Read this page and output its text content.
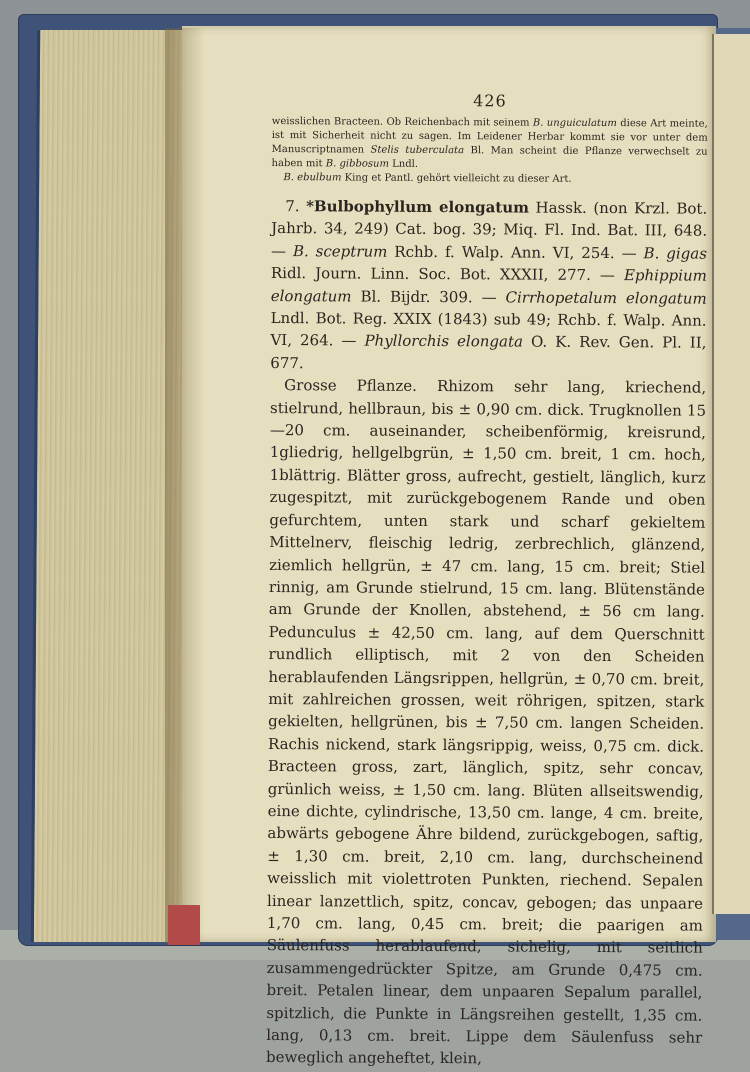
426

weisslichen Bracteen. Ob Reichenbach mit seinem B. unguiculatum diese Art meinte, ist mit Sicherheit nicht zu sagen. Im Leidener Herbar kommt sie vor unter dem Manuscriptnamen Stelis tuberculata Bl. Man scheint die Pflanze verwechselt zu haben mit B. gibbosum Lndl.

B. ebulbum King et Pantl. gehört vielleicht zu dieser Art.

7. *Bulbophyllum elongatum Hassk. (non Krzl. Bot. Jahrb. 34, 249) Cat. bog. 39; Miq. Fl. Ind. Bat. III, 648. — B. sceptrum Rchb. f. Walp. Ann. VI, 254. — B. gigas Ridl. Journ. Linn. Soc. Bot. XXXII, 277. — Ephippium elongatum Bl. Bijdr. 309. — Cirrhopetalum elongatum Lndl. Bot. Reg. XXIX (1843) sub 49; Rchb. f. Walp. Ann. VI, 264. — Phyllorchis elongata O. K. Rev. Gen. Pl. II, 677.

Grosse Pflanze. Rhizom sehr lang, kriechend, stielrund, hellbraun, bis ± 0,90 cm. dick. Trugknollen 15—20 cm. auseinander, scheibenförmig, kreisrund, 1gliedrig, hellgelbgrün, ± 1,50 cm. breit, 1 cm. hoch, 1blättrig. Blätter gross, aufrecht, gestielt, länglich, kurz zugespitzt, mit zurückgebogenem Rande und oben gefurchtem, unten stark und scharf gekieltem Mittelnerv, fleischig ledrig, zerbrechlich, glänzend, ziemlich hellgrün, ± 47 cm. lang, 15 cm. breit; Stiel rinnig, am Grunde stielrund, 15 cm. lang. Blütenstände am Grunde der Knollen, abstehend, ± 56 cm lang. Pedunculus ± 42,50 cm. lang, auf dem Querschnitt rundlich elliptisch, mit 2 von den Scheiden herablaufenden Längsrippen, hellgrün, ± 0,70 cm. breit, mit zahlreichen grossen, weit röhrigen, spitzen, stark gekielten, hellgrünen, bis ± 7,50 cm. langen Scheiden. Rachis nickend, stark längsrippig, weiss, 0,75 cm. dick. Bracteen gross, zart, länglich, spitz, sehr concav, grünlich weiss, ± 1,50 cm. lang. Blüten allseitswendig, eine dichte, cylindrische, 13,50 cm. lange, 4 cm. breite, abwärts gebogene Ähre bildend, zurückgebogen, saftig, ± 1,30 cm. breit, 2,10 cm. lang, durchscheinend weisslich mit violettroten Punkten, riechend. Sepalen linear lanzettlich, spitz, concav, gebogen; das unpaare 1,70 cm. lang, 0,45 cm. breit; die paarigen am Säulenfuss herablaufend, sichelig, mit seitlich zusammengedrückter Spitze, am Grunde 0,475 cm. breit. Petalen linear, dem unpaaren Sepalum parallel, spitzlich, die Punkte in Längsreihen gestellt, 1,35 cm. lang, 0,13 cm. breit. Lippe dem Säulenfuss sehr beweglich angeheftet, klein,
